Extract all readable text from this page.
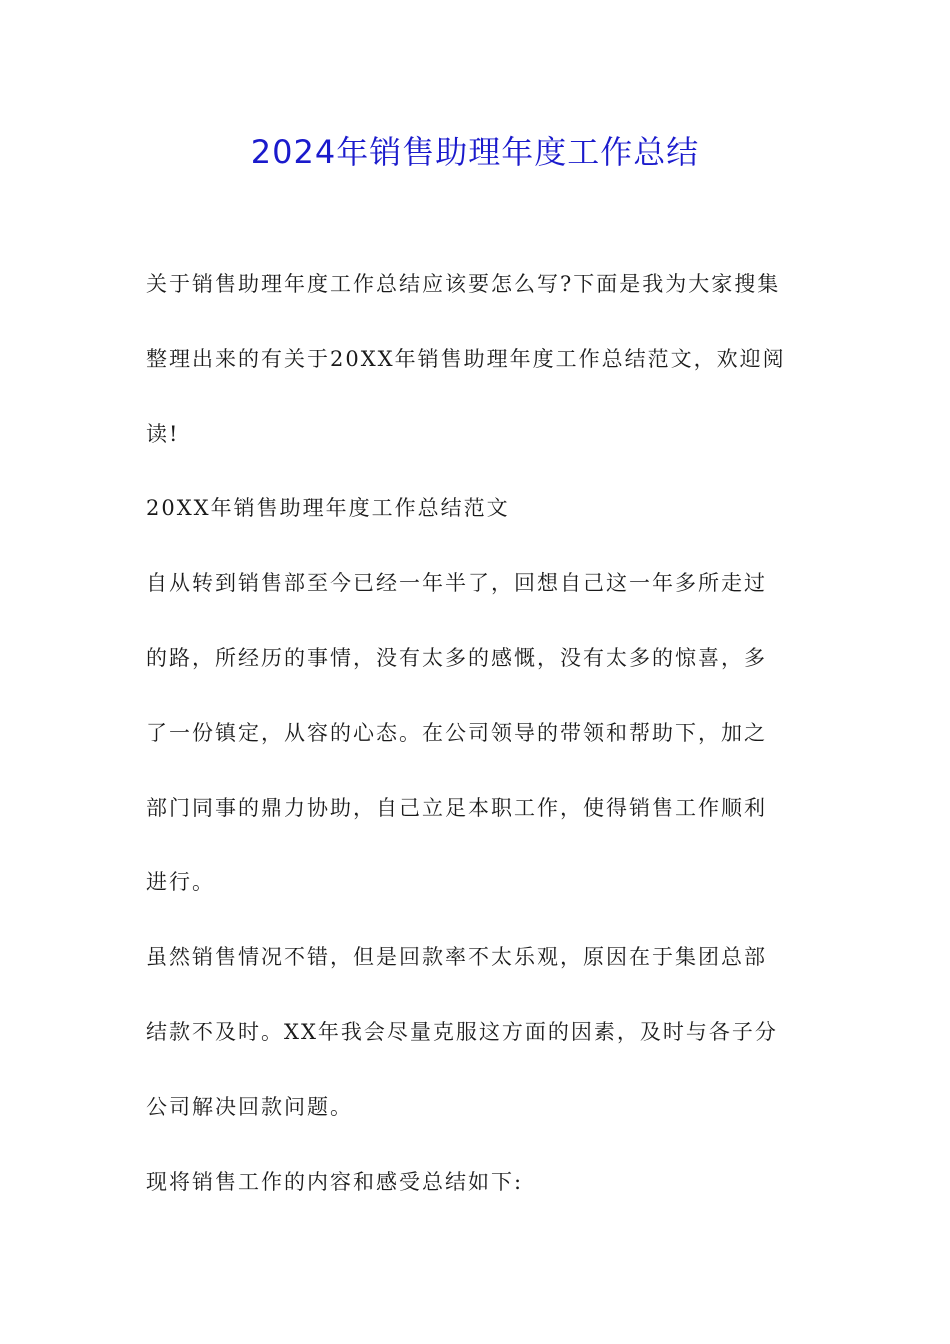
2024年销售助理年度工作总结

关于销售助理年度工作总结应该要怎么写?下面是我为大家搜集

整理出来的有关于20XX年销售助理年度工作总结范文，欢迎阅

读!

20XX年销售助理年度工作总结范文

自从转到销售部至今已经一年半了，回想自己这一年多所走过

的路，所经历的事情，没有太多的感慨，没有太多的惊喜，多

了一份镇定，从容的心态。在公司领导的带领和帮助下，加之

部门同事的鼎力协助，自己立足本职工作，使得销售工作顺利

进行。

虽然销售情况不错，但是回款率不太乐观，原因在于集团总部

结款不及时。XX年我会尽量克服这方面的因素，及时与各子分

公司解决回款问题。

现将销售工作的内容和感受总结如下:
